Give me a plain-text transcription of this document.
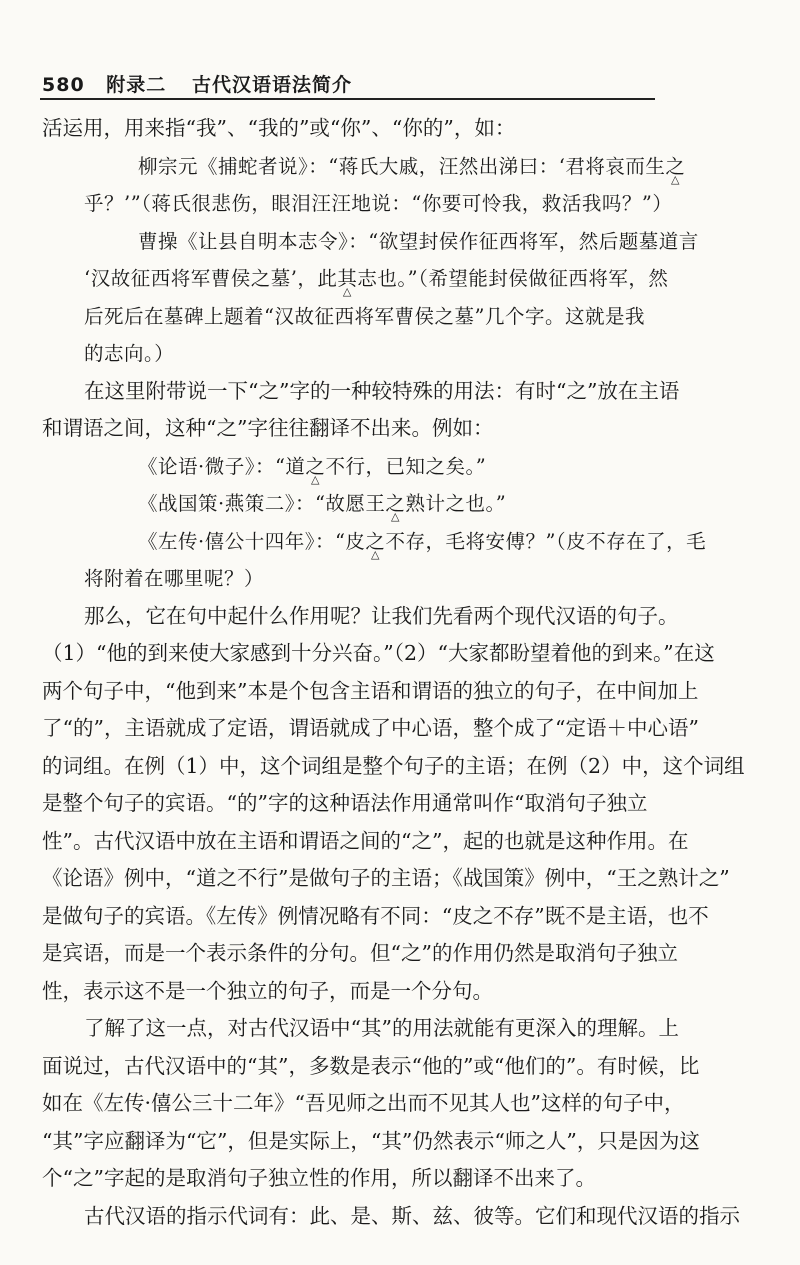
580 附录二 古代汉语语法简介
活运用，用来指“我”、“我的”或“你”、“你的”，如：
柳宗元《捕蛇者说》：“蒋氏大戚，汪然出涕曰：‘君将哀而生之 △
乎？’”（蒋氏很悲伤，眼泪汪汪地说：“你要可怜我，救活我吗？”）
曹操《让县自明本志令》：“欲望封侯作征西将军，然后题墓道言
‘汉故征西将军曹侯之墓’，此其 △志也。”（希望能封侯做征西将军，然
后死后在墓碑上题着“汉故征西将军曹侯之墓”几个字。这就是我
的志向。）
在这里附带说一下“之”字的一种较特殊的用法：有时“之”放在主语
和谓语之间，这种“之”字往往翻译不出来。例如：
《论语·微子》：“道之 △不行，已知之矣。”
《战国策·燕策二》：“故愿王之 △熟计之也。”
《左传·僖公十四年》：“皮之 △不存，毛将安傅？”（皮不存在了，毛
将附着在哪里呢？）
那么，它在句中起什么作用呢？让我们先看两个现代汉语的句子。
（1）“他的到来使大家感到十分兴奋。”（2）“大家都盼望着他的到来。”在这
两个句子中，“他到来”本是个包含主语和谓语的独立的句子，在中间加上
了“的”，主语就成了定语，谓语就成了中心语，整个成了“定语＋中心语”
的词组。在例（1）中，这个词组是整个句子的主语；在例（2）中，这个词组
是整个句子的宾语。“的”字的这种语法作用通常叫作“取消句子独立
性”。古代汉语中放在主语和谓语之间的“之”，起的也就是这种作用。在
《论语》例中，“道之不行”是做句子的主语；《战国策》例中，“王之熟计之”
是做句子的宾语。《左传》例情况略有不同：“皮之不存”既不是主语，也不
是宾语，而是一个表示条件的分句。但“之”的作用仍然是取消句子独立
性，表示这不是一个独立的句子，而是一个分句。
了解了这一点，对古代汉语中“其”的用法就能有更深入的理解。上
面说过，古代汉语中的“其”，多数是表示“他的”或“他们的”。有时候，比
如在《左传·僖公三十二年》“吾见师之出而不见其人也”这样的句子中，
“其”字应翻译为“它”，但是实际上，“其”仍然表示“师之人”，只是因为这
个“之”字起的是取消句子独立性的作用，所以翻译不出来了。
古代汉语的指示代词有：此、是、斯、兹、彼等。它们和现代汉语的指示
